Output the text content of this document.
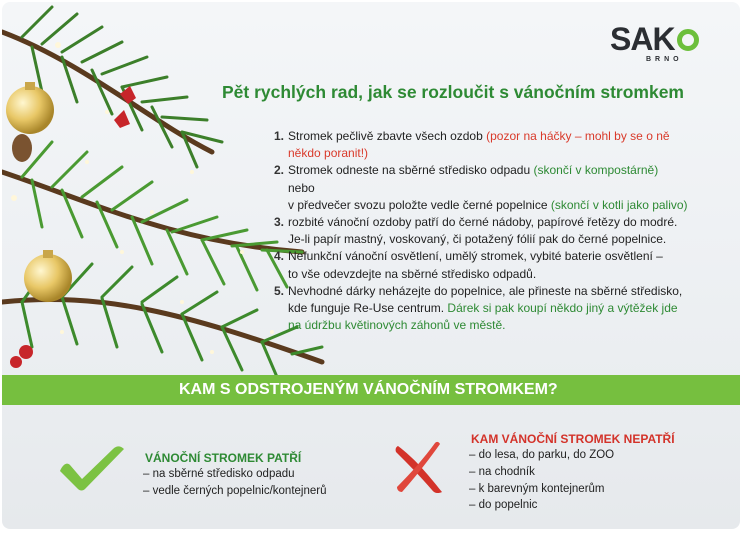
SAK
BRNO
Pět rychlých rad, jak se rozloučit s vánočním stromkem
1. Stromek pečlivě zbavte všech ozdob (pozor na háčky – mohl by se o ně
někdo poranit!)
2. Stromek odneste na sběrné středisko odpadu (skončí v kompostárně)
nebo
v předvečer svozu položte vedle černé popelnice (skončí v kotli jako palivo)
3. rozbité vánoční ozdoby patří do černé nádoby, papírové řetězy do modré.
Je-li papír mastný, voskovaný, či potažený fólií pak do černé popelnice.
4. Nefunkční vánoční osvětlení, umělý stromek, vybité baterie osvětlení –
to vše odevzdejte na sběrné středisko odpadů.
5. Nevhodné dárky neházejte do popelnice, ale přineste na sběrné středisko,
kde funguje Re-Use centrum. Dárek si pak koupí někdo jiný a výtěžek jde
na údržbu květinových záhonů ve městě.
KAM S ODSTROJENÝM VÁNOČNÍM STROMKEM?
VÁNOČNÍ STROMEK PATŘÍ
– na sběrné středisko odpadu
– vedle černých popelnic/kontejnerů
KAM VÁNOČNÍ STROMEK NEPATŘÍ
– do lesa, do parku, do ZOO
– na chodník
– k barevným kontejnerům
– do popelnic
